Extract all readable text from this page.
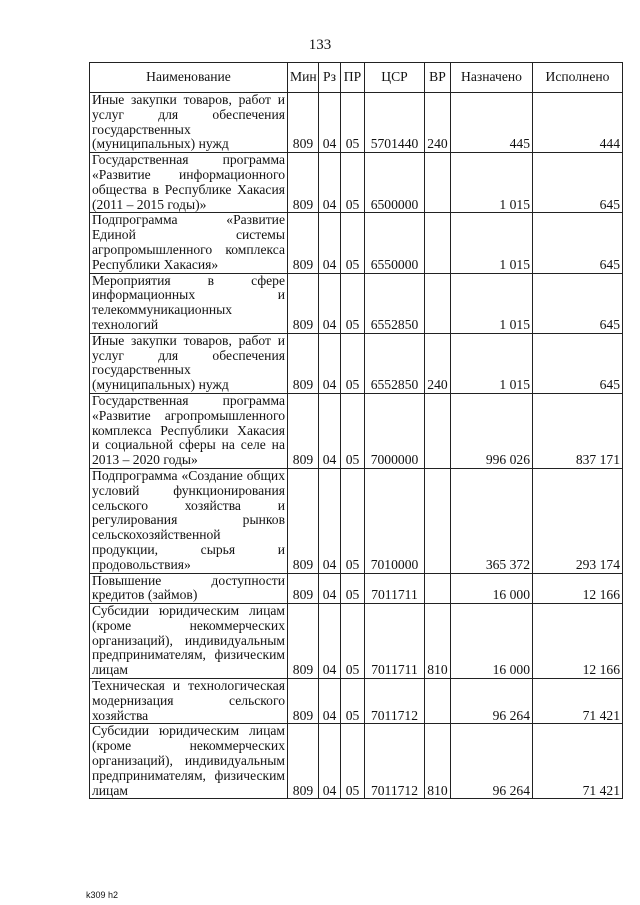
133
Наименование	Мин	Рз	ПР	ЦСР	ВР	Назначено	Исполнено
Иные закупки товаров, работ и услуг для обеспечения государственных (муниципальных) нужд	809	04	05	5701440	240	445	444
Государственная программа «Развитие информационного общества в Республике Хакасия (2011 – 2015 годы)»	809	04	05	6500000		1 015	645
Подпрограмма «Развитие Единой системы агропромышленного комплекса Республики Хакасия»	809	04	05	6550000		1 015	645
Мероприятия в сфере информационных и телекоммуникационных технологий	809	04	05	6552850		1 015	645
Иные закупки товаров, работ и услуг для обеспечения государственных (муниципальных) нужд	809	04	05	6552850	240	1 015	645
Государственная программа «Развитие агропромышленного комплекса Республики Хакасия и социальной сферы на селе на 2013 – 2020 годы»	809	04	05	7000000		996 026	837 171
Подпрограмма «Создание общих условий функционирования сельского хозяйства и регулирования рынков сельскохозяйственной продукции, сырья и продовольствия»	809	04	05	7010000		365 372	293 174
Повышение доступности кредитов (займов)	809	04	05	7011711		16 000	12 166
Субсидии юридическим лицам (кроме некоммерческих организаций), индивидуальным предпринимателям, физическим лицам	809	04	05	7011711	810	16 000	12 166
Техническая и технологическая модернизация сельского хозяйства	809	04	05	7011712		96 264	71 421
Субсидии юридическим лицам (кроме некоммерческих организаций), индивидуальным предпринимателям, физическим лицам	809	04	05	7011712	810	96 264	71 421
k309 h2
